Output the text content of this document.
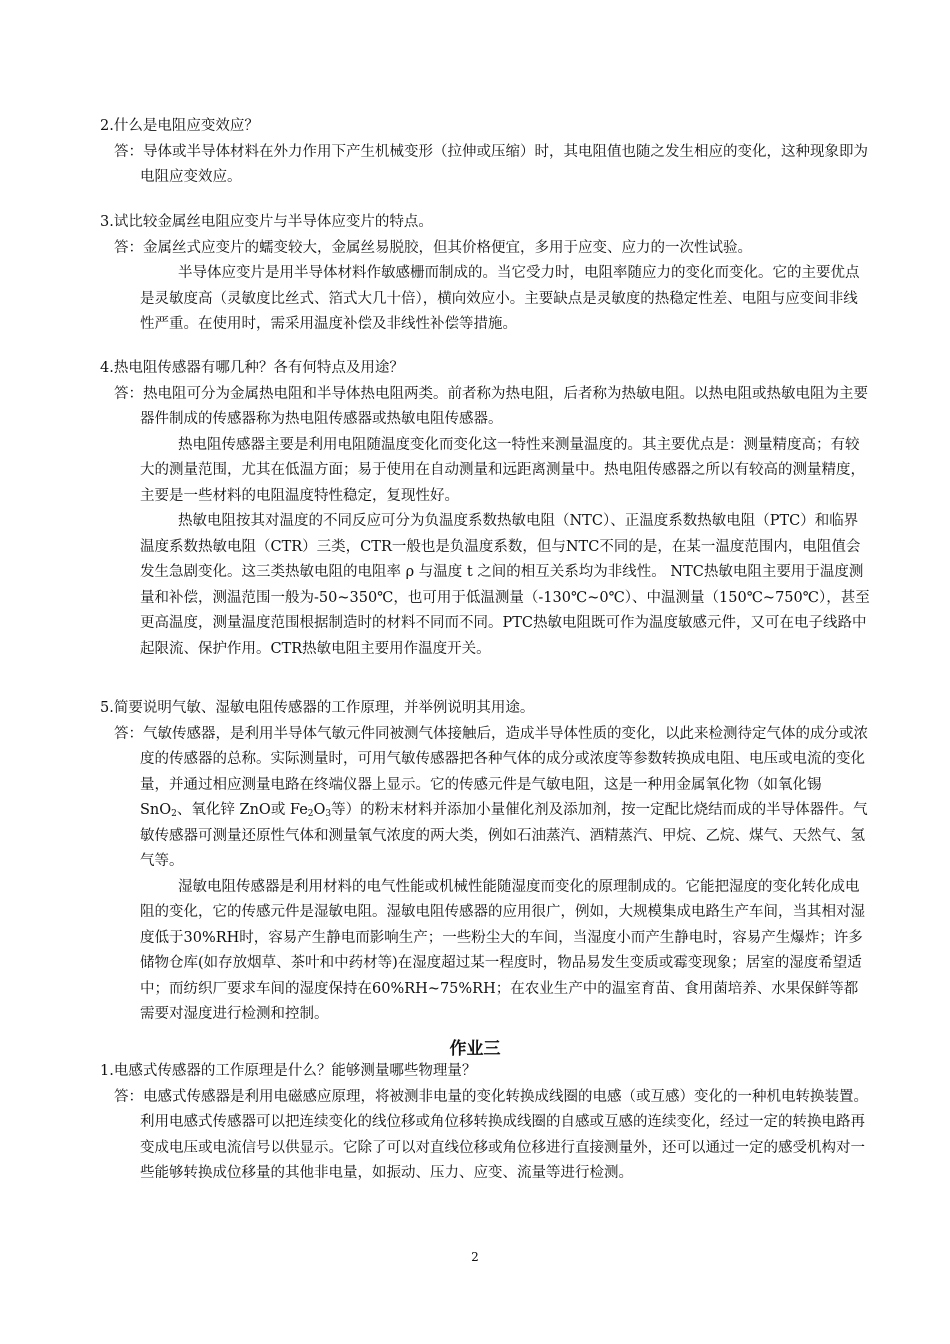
2.什么是电阻应变效应？

答：导体或半导体材料在外力作用下产生机械变形（拉伸或压缩）时，其电阻值也随之发生相应的变化，这种现象即为电阻应变效应。

3.试比较金属丝电阻应变片与半导体应变片的特点。

答：金属丝式应变片的蠕变较大，金属丝易脱胶，但其价格便宜，多用于应变、应力的一次性试验。

半导体应变片是用半导体材料作敏感栅而制成的。当它受力时，电阻率随应力的变化而变化。它的主要优点是灵敏度高（灵敏度比丝式、箔式大几十倍），横向效应小。主要缺点是灵敏度的热稳定性差、电阻与应变间非线性严重。在使用时，需采用温度补偿及非线性补偿等措施。

4.热电阻传感器有哪几种？各有何特点及用途？

答：热电阻可分为金属热电阻和半导体热电阻两类。前者称为热电阻，后者称为热敏电阻。以热电阻或热敏电阻为主要器件制成的传感器称为热电阻传感器或热敏电阻传感器。

热电阻传感器主要是利用电阻随温度变化而变化这一特性来测量温度的。其主要优点是：测量精度高；有较大的测量范围，尤其在低温方面；易于使用在自动测量和远距离测量中。热电阻传感器之所以有较高的测量精度，主要是一些材料的电阻温度特性稳定，复现性好。

热敏电阻按其对温度的不同反应可分为负温度系数热敏电阻（NTC）、正温度系数热敏电阻（PTC）和临界温度系数热敏电阻（CTR）三类，CTR一般也是负温度系数，但与NTC不同的是，在某一温度范围内，电阻值会发生急剧变化。这三类热敏电阻的电阻率 ρ 与温度 t 之间的相互关系均为非线性。 NTC热敏电阻主要用于温度测量和补偿，测温范围一般为-50~350℃，也可用于低温测量（-130℃~0℃）、中温测量（150℃~750℃），甚至更高温度，测量温度范围根据制造时的材料不同而不同。PTC热敏电阻既可作为温度敏感元件，又可在电子线路中起限流、保护作用。CTR热敏电阻主要用作温度开关。

5.简要说明气敏、湿敏电阻传感器的工作原理，并举例说明其用途。

答：气敏传感器，是利用半导体气敏元件同被测气体接触后，造成半导体性质的变化，以此来检测待定气体的成分或浓度的传感器的总称。实际测量时，可用气敏传感器把各种气体的成分或浓度等参数转换成电阻、电压或电流的变化量，并通过相应测量电路在终端仪器上显示。它的传感元件是气敏电阻，这是一种用金属氧化物（如氧化锡 SnO$_2$、氧化锌 ZnO或 $Fe_2O_3$等）的粉末材料并添加小量催化剂及添加剂，按一定配比烧结而成的半导体器件。气敏传感器可测量还原性气体和测量氧气浓度的两大类，例如石油蒸汽、酒精蒸汽、甲烷、乙烷、煤气、天然气、氢气等。

湿敏电阻传感器是利用材料的电气性能或机械性能随湿度而变化的原理制成的。它能把湿度的变化转化成电阻的变化，它的传感元件是湿敏电阻。湿敏电阻传感器的应用很广，例如，大规模集成电路生产车间，当其相对湿度低于30%RH时，容易产生静电而影响生产；一些粉尘大的车间，当湿度小而产生静电时，容易产生爆炸；许多储物仓库(如存放烟草、茶叶和中药材等)在湿度超过某一程度时，物品易发生变质或霉变现象；居室的湿度希望适中；而纺织厂要求车间的湿度保持在60%RH~75%RH；在农业生产中的温室育苗、食用菌培养、水果保鲜等都需要对湿度进行检测和控制。

作业三

1.电感式传感器的工作原理是什么？能够测量哪些物理量？

答：电感式传感器是利用电磁感应原理，将被测非电量的变化转换成线圈的电感（或互感）变化的一种机电转换装置。利用电感式传感器可以把连续变化的线位移或角位移转换成线圈的自感或互感的连续变化，经过一定的转换电路再变成电压或电流信号以供显示。它除了可以对直线位移或角位移进行直接测量外，还可以通过一定的感受机构对一些能够转换成位移量的其他非电量，如振动、压力、应变、流量等进行检测。

2
